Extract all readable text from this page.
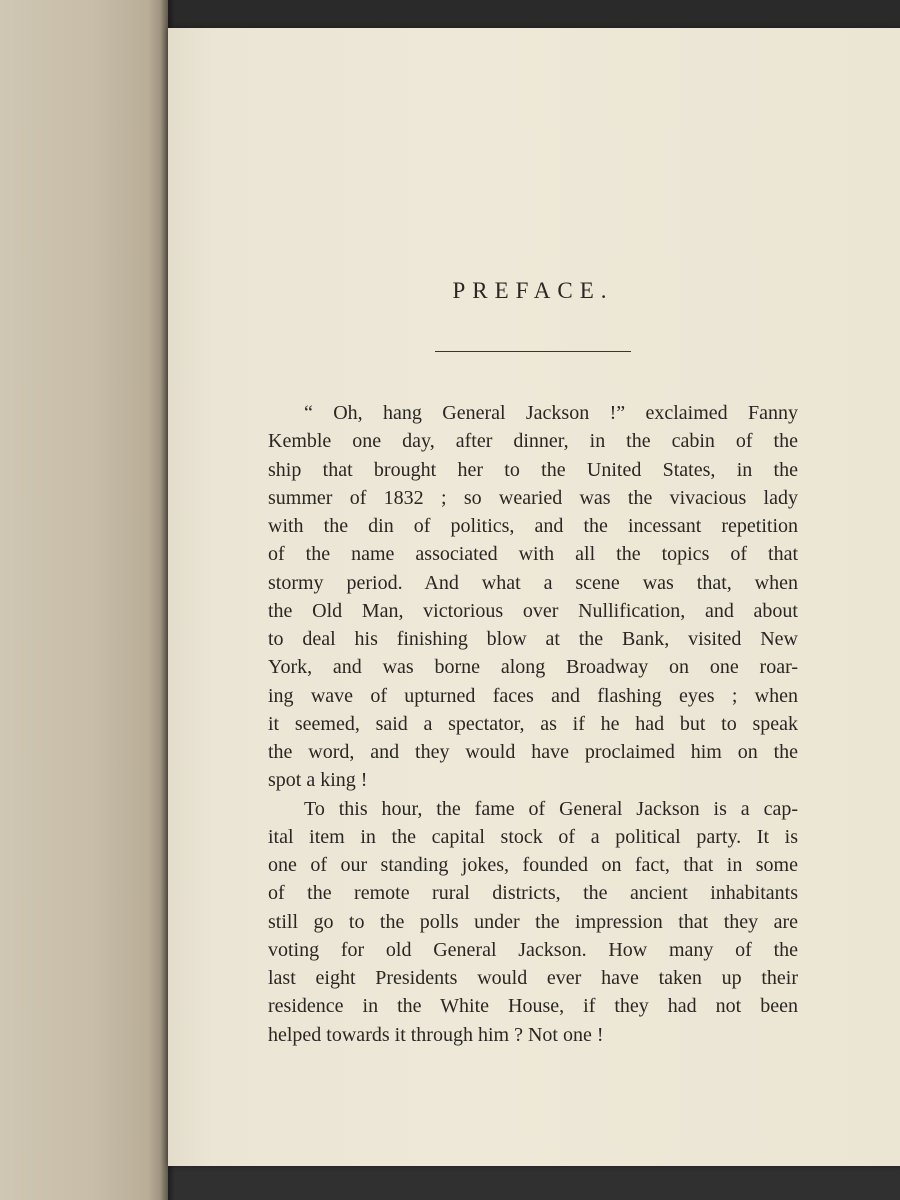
PREFACE.

“ Oh, hang General Jackson !” exclaimed Fanny
Kemble one day, after dinner, in the cabin of the
ship that brought her to the United States, in the
summer of 1832 ; so wearied was the vivacious lady
with the din of politics, and the incessant repetition
of the name associated with all the topics of that
stormy period. And what a scene was that, when
the Old Man, victorious over Nullification, and about
to deal his finishing blow at the Bank, visited New
York, and was borne along Broadway on one roar-
ing wave of upturned faces and flashing eyes ; when
it seemed, said a spectator, as if he had but to speak
the word, and they would have proclaimed him on the
spot a king !

To this hour, the fame of General Jackson is a cap-
ital item in the capital stock of a political party. It is
one of our standing jokes, founded on fact, that in some
of the remote rural districts, the ancient inhabitants
still go to the polls under the impression that they are
voting for old General Jackson. How many of the
last eight Presidents would ever have taken up their
residence in the White House, if they had not been
helped towards it through him ? Not one !
